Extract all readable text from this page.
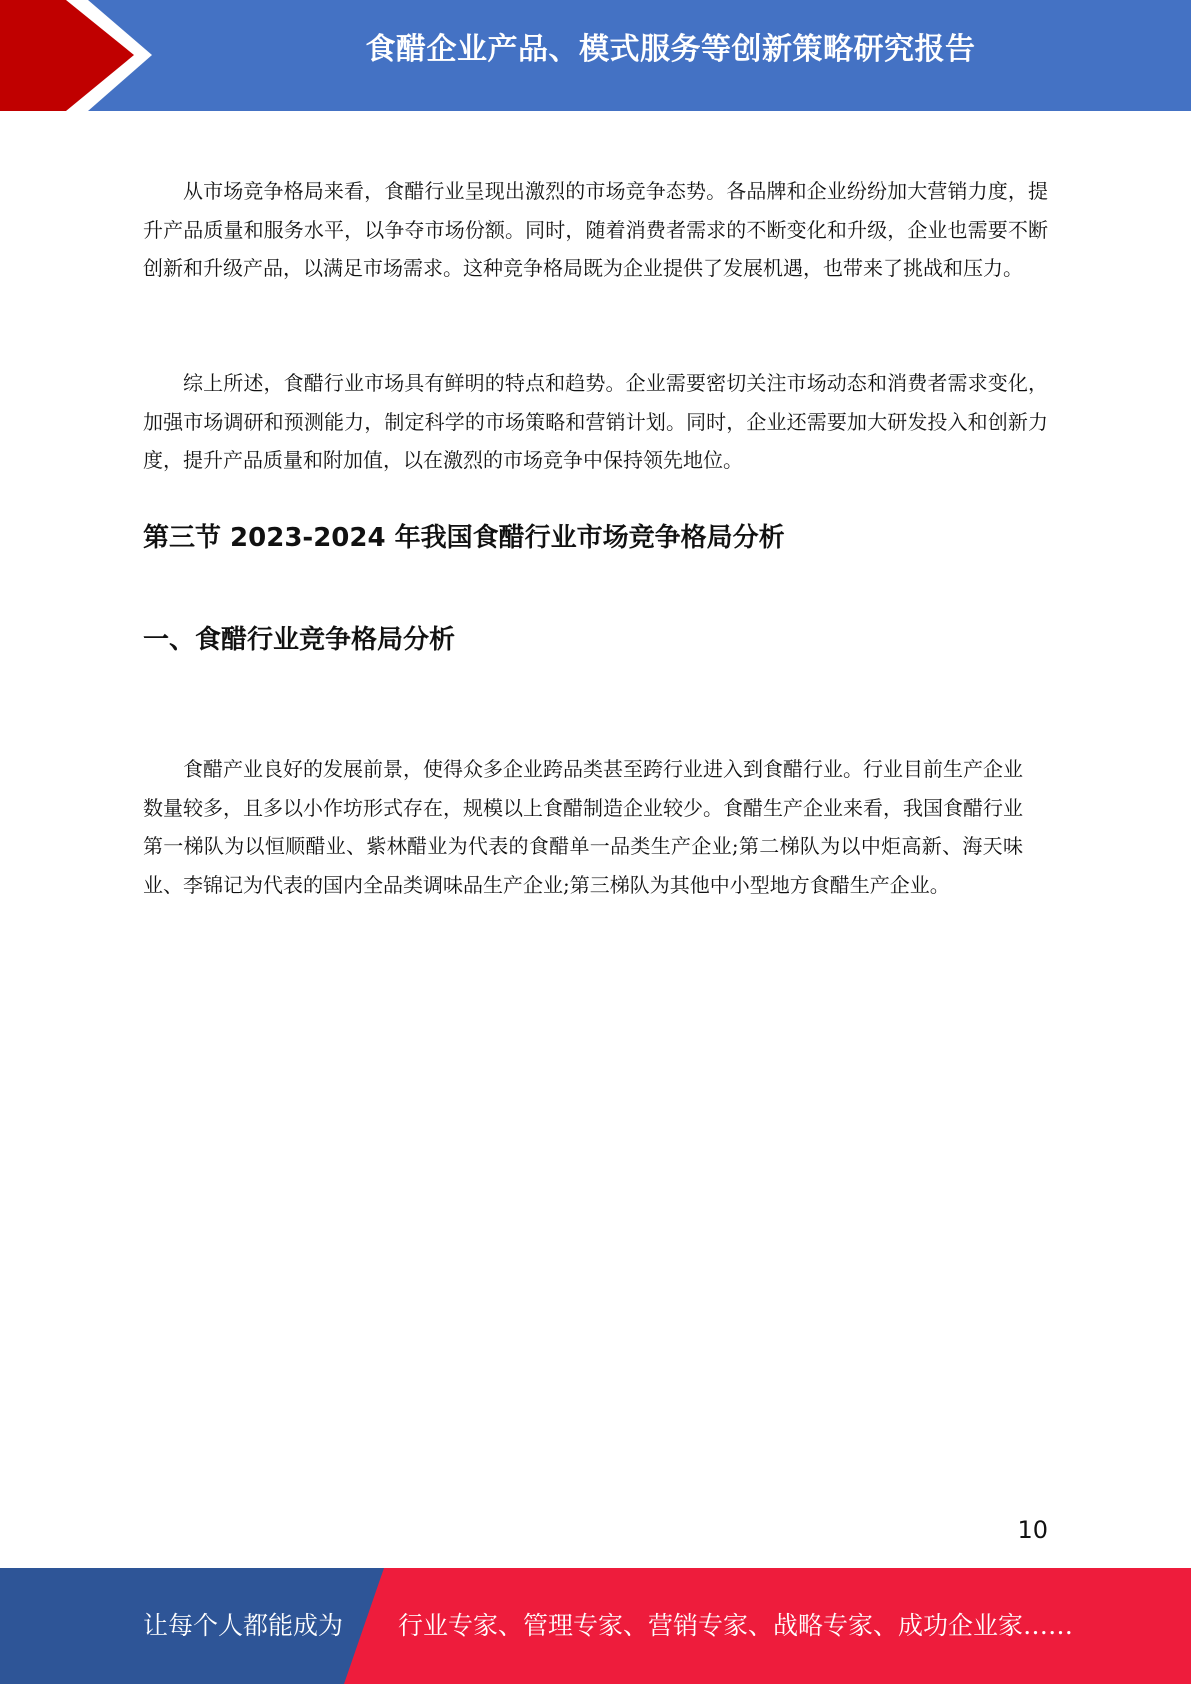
食醋企业产品、模式服务等创新策略研究报告

从市场竞争格局来看，食醋行业呈现出激烈的市场竞争态势。各品牌和企业纷纷加大营销力度，提升产品质量和服务水平，以争夺市场份额。同时，随着消费者需求的不断变化和升级，企业也需要不断创新和升级产品，以满足市场需求。这种竞争格局既为企业提供了发展机遇，也带来了挑战和压力。

综上所述，食醋行业市场具有鲜明的特点和趋势。企业需要密切关注市场动态和消费者需求变化，加强市场调研和预测能力，制定科学的市场策略和营销计划。同时，企业还需要加大研发投入和创新力度，提升产品质量和附加值，以在激烈的市场竞争中保持领先地位。

第三节 2023-2024 年我国食醋行业市场竞争格局分析
一、食醋行业竞争格局分析

食醋产业良好的发展前景，使得众多企业跨品类甚至跨行业进入到食醋行业。行业目前生产企业数量较多，且多以小作坊形式存在，规模以上食醋制造企业较少。食醋生产企业来看，我国食醋行业第一梯队为以恒顺醋业、紫林醋业为代表的食醋单一品类生产企业;第二梯队为以中炬高新、海天味业、李锦记为代表的国内全品类调味品生产企业;第三梯队为其他中小型地方食醋生产企业。

10
让每个人都能成为 行业专家、管理专家、营销专家、战略专家、成功企业家……
